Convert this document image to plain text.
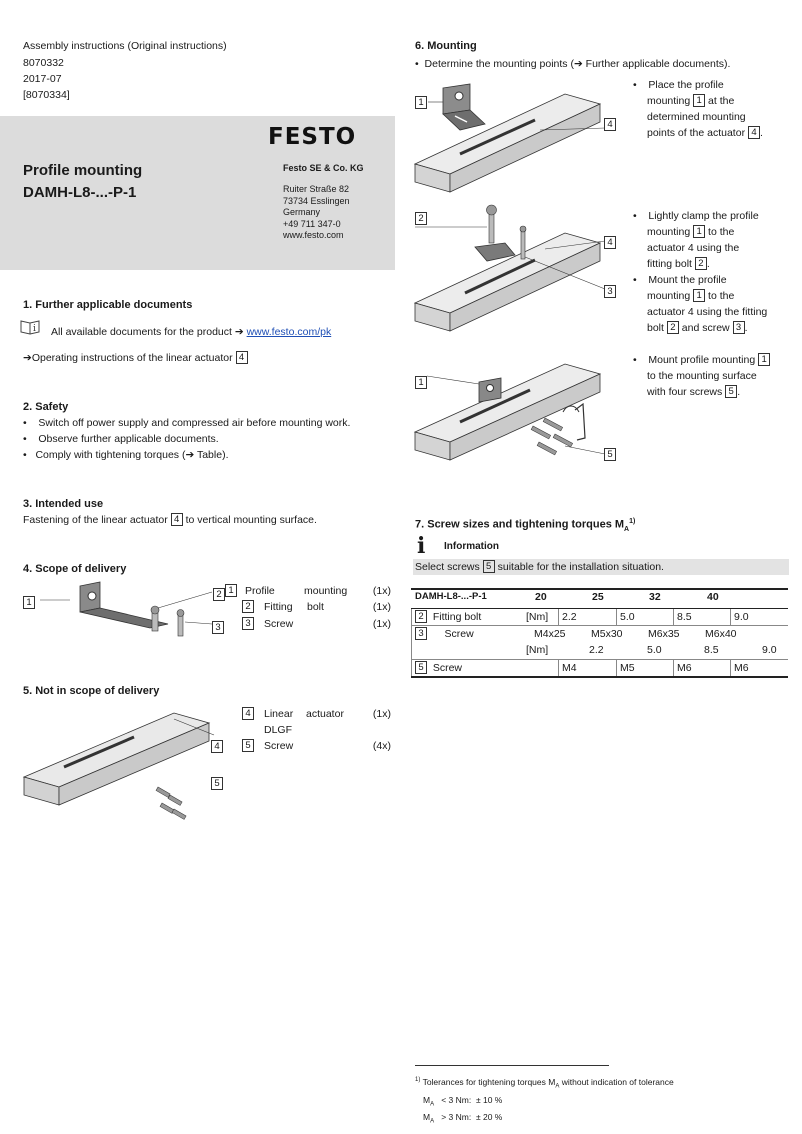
Assembly instructions (Original instructions)
8070332
2017-07
[8070334]
FESTO
Profile mounting
DAMH-L8-...-P-1
Festo SE & Co. KG
Ruiter Straße 82
73734 Esslingen
Germany
+49 711 347-0
www.festo.com
1. Further applicable documents
i All available documents for the product ➔ www.festo.com/pk
➔Operating instructions of the linear actuator 4
2. Safety
• Switch off power supply and compressed air before mounting work.
• Observe further applicable documents.
• Comply with tightening torques (➔ Table).
3. Intended use
Fastening of the linear actuator 4 to vertical mounting surface.
4. Scope of delivery
1
2
3
1 Profile	mounting (1x)
2 Fitting bolt	(1x)
3 Screw	(1x)
5. Not in scope of delivery
4
5
4 Linear actuator	(1x)
DLGF
5 Screw	(4x)
6. Mounting
• Determine the mounting points (➔ Further applicable documents).
1
4
• Place the profile
mounting 1 at the
determined mounting
points of the actuator 4 .
2
4
3
• Lightly clamp the profile
mounting 1 to the
actuator 4 using the
fitting bolt 2 .
• Mount the profile
mounting 1 to the
actuator 4 using the fitting
bolt 2 and screw 3 .
1
5
• Mount profile mounting 1
to the mounting surface
with four screws 5 .
7. Screw sizes and tightening torques $M_A^{1)}$
i Information
Select screws 5 suitable for the installation situation.
DAMH-L8-...-P-1	20	25	32	40
2 Fitting bolt	[Nm] 2.2	5.0	8.5	9.0
3 Screw	M4x25 M5x30 M6x35 M6x40
[Nm]	2.2	5.0	8.5	9.0
5 Screw	M4	M5	M6	M6
$^{1)}$ Tolerances for tightening torques $M_A$ without indication of tolerance
$M_A < 3$ Nm: ± 10 %
$M_A > 3$ Nm: ± 20 %
